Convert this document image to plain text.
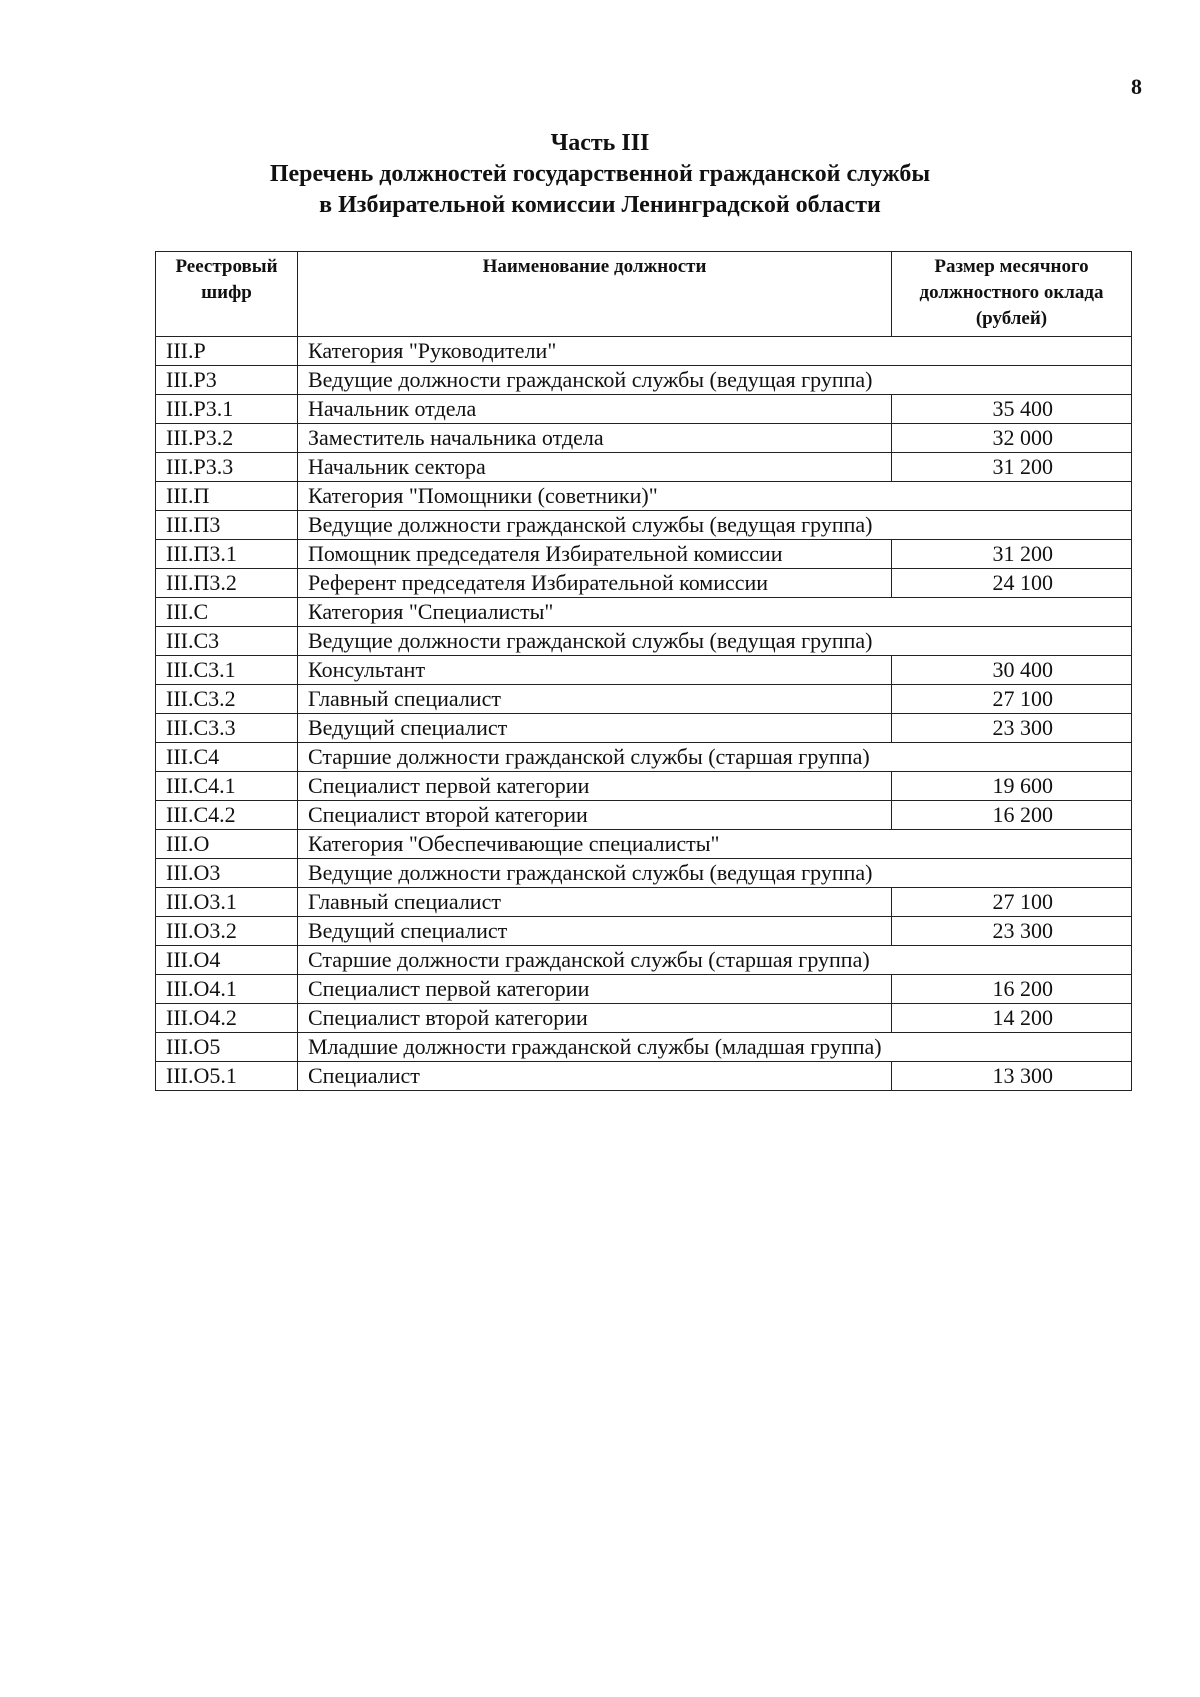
8
Часть III
Перечень должностей государственной гражданской службы
в Избирательной комиссии Ленинградской области
Реестровый шифр	Наименование должности	Размер месячного должностного оклада (рублей)
III.Р	Категория "Руководители"	
III.Р3	Ведущие должности гражданской службы (ведущая группа)	
III.Р3.1	Начальник отдела	35 400
III.Р3.2	Заместитель начальника отдела	32 000
III.Р3.3	Начальник сектора	31 200
III.П	Категория "Помощники (советники)"	
III.П3	Ведущие должности гражданской службы (ведущая группа)	
III.П3.1	Помощник председателя Избирательной комиссии	31 200
III.П3.2	Референт председателя Избирательной комиссии	24 100
III.С	Категория "Специалисты"	
III.С3	Ведущие должности гражданской службы (ведущая группа)	
III.С3.1	Консультант	30 400
III.С3.2	Главный специалист	27 100
III.С3.3	Ведущий специалист	23 300
III.С4	Старшие должности гражданской службы (старшая группа)	
III.С4.1	Специалист первой категории	19 600
III.С4.2	Специалист второй категории	16 200
III.О	Категория "Обеспечивающие специалисты"	
III.О3	Ведущие должности гражданской службы (ведущая группа)	
III.О3.1	Главный специалист	27 100
III.О3.2	Ведущий специалист	23 300
III.О4	Старшие должности гражданской службы (старшая группа)	
III.О4.1	Специалист первой категории	16 200
III.О4.2	Специалист второй категории	14 200
III.О5	Младшие должности гражданской службы (младшая группа)	
III.О5.1	Специалист	13 300
